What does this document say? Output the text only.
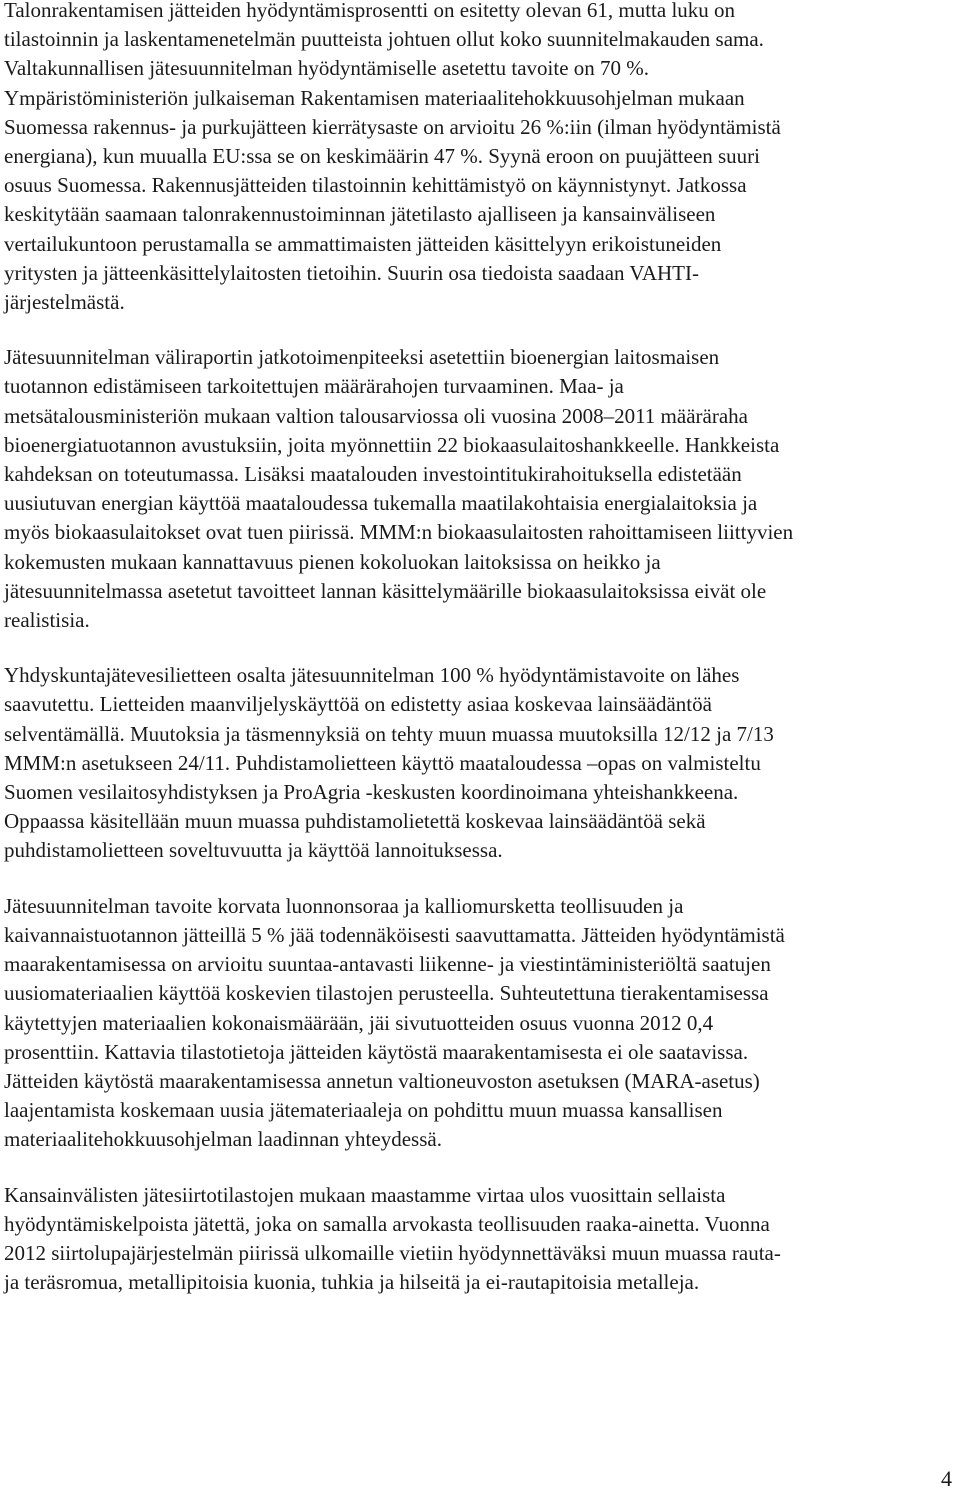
Talonrakentamisen jätteiden hyödyntämisprosentti on esitetty olevan 61, mutta luku on
tilastoinnin ja laskentamenetelmän puutteista johtuen ollut koko suunnitelmakauden sama.
Valtakunnallisen jätesuunnitelman hyödyntämiselle asetettu tavoite on 70 %.
Ympäristöministeriön julkaiseman Rakentamisen materiaalitehokkuusohjelman mukaan
Suomessa rakennus- ja purkujätteen kierrätysaste on arvioitu 26 %:iin (ilman hyödyntämistä
energiana), kun muualla EU:ssa se on keskimäärin 47 %. Syynä eroon on puujätteen suuri
osuus Suomessa. Rakennusjätteiden tilastoinnin kehittämistyö on käynnistynyt. Jatkossa
keskitytään saamaan talonrakennustoiminnan jätetilasto ajalliseen ja kansainväliseen
vertailukuntoon perustamalla se ammattimaisten jätteiden käsittelyyn erikoistuneiden
yritysten ja jätteenkäsittelylaitosten tietoihin. Suurin osa tiedoista saadaan VAHTI-
järjestelmästä.

Jätesuunnitelman väliraportin jatkotoimenpiteeksi asetettiin bioenergian laitosmaisen
tuotannon edistämiseen tarkoitettujen määrärahojen turvaaminen. Maa- ja
metsätalousministeriön mukaan valtion talousarviossa oli vuosina 2008–2011 määräraha
bioenergiatuotannon avustuksiin, joita myönnettiin 22 biokaasulaitoshankkeelle. Hankkeista
kahdeksan on toteutumassa. Lisäksi maatalouden investointitukirahoituksella edistetään
uusiutuvan energian käyttöä maataloudessa tukemalla maatilakohtaisia energialaitoksia ja
myös biokaasulaitokset ovat tuen piirissä. MMM:n biokaasulaitosten rahoittamiseen liittyvien
kokemusten mukaan kannattavuus pienen kokoluokan laitoksissa on heikko ja
jätesuunnitelmassa asetetut tavoitteet lannan käsittelymäärille biokaasulaitoksissa eivät ole
realistisia.

Yhdyskuntajätevesilietteen osalta jätesuunnitelman 100 % hyödyntämistavoite on lähes
saavutettu. Lietteiden maanviljelyskäyttöä on edistetty asiaa koskevaa lainsäädäntöä
selventämällä. Muutoksia ja täsmennyksiä on tehty muun muassa muutoksilla 12/12 ja 7/13
MMM:n asetukseen 24/11. Puhdistamolietteen käyttö maataloudessa –opas on valmisteltu
Suomen vesilaitosyhdistyksen ja ProAgria -keskusten koordinoimana yhteishankkeena.
Oppaassa käsitellään muun muassa puhdistamolietettä koskevaa lainsäädäntöä sekä
puhdistamolietteen soveltuvuutta ja käyttöä lannoituksessa.

Jätesuunnitelman tavoite korvata luonnonsoraa ja kalliomursketta teollisuuden ja
kaivannaistuotannon jätteillä 5 % jää todennäköisesti saavuttamatta. Jätteiden hyödyntämistä
maarakentamisessa on arvioitu suuntaa-antavasti liikenne- ja viestintäministeriöltä saatujen
uusiomateriaalien käyttöä koskevien tilastojen perusteella. Suhteutettuna tierakentamisessa
käytettyjen materiaalien kokonaismäärään, jäi sivutuotteiden osuus vuonna 2012 0,4
prosenttiin. Kattavia tilastotietoja jätteiden käytöstä maarakentamisesta ei ole saatavissa.
Jätteiden käytöstä maarakentamisessa annetun valtioneuvoston asetuksen (MARA-asetus)
laajentamista koskemaan uusia jätemateriaaleja on pohdittu muun muassa kansallisen
materiaalitehokkuusohjelman laadinnan yhteydessä.

Kansainvälisten jätesiirtotilastojen mukaan maastamme virtaa ulos vuosittain sellaista
hyödyntämiskelpoista jätettä, joka on samalla arvokasta teollisuuden raaka-ainetta. Vuonna
2012 siirtolupajärjestelmän piirissä ulkomaille vietiin hyödynnettäväksi muun muassa rauta-
ja teräsromua, metallipitoisia kuonia, tuhkia ja hilseitä ja ei-rautapitoisia metalleja.

4
